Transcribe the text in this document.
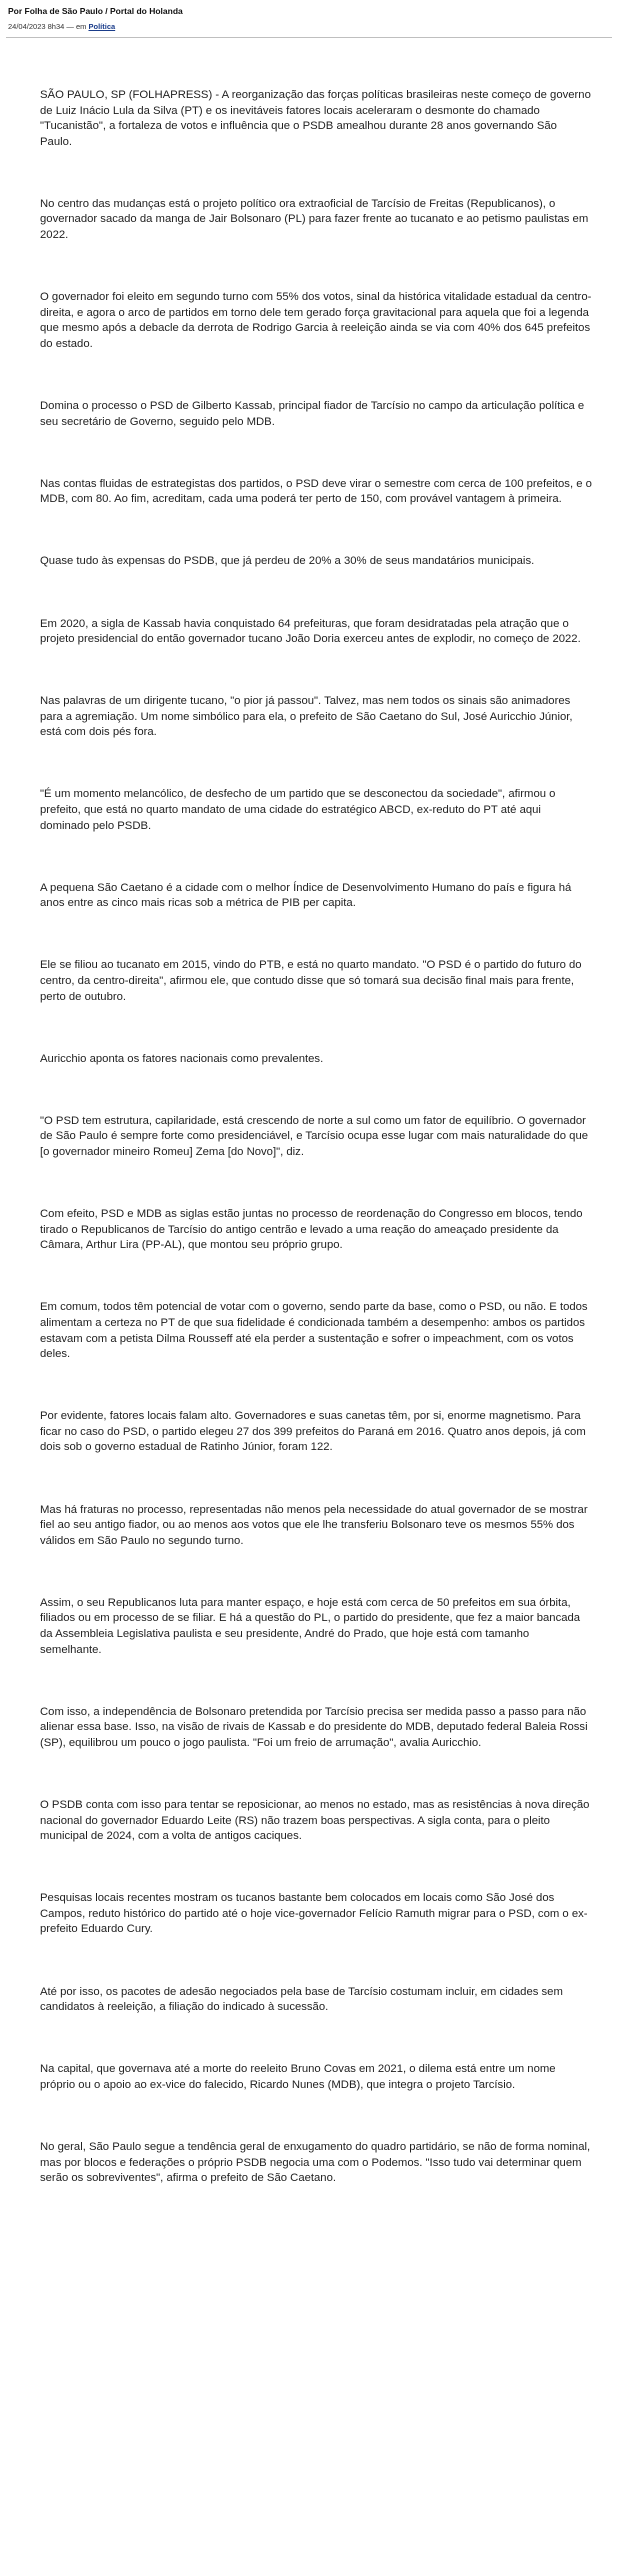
Por Folha de São Paulo / Portal do Holanda
24/04/2023 8h34 — em Política

SÃO PAULO, SP (FOLHAPRESS) - A reorganização das forças políticas brasileiras neste começo de governo de Luiz Inácio Lula da Silva (PT) e os inevitáveis fatores locais aceleraram o desmonte do chamado "Tucanistão", a fortaleza de votos e influência que o PSDB amealhou durante 28 anos governando São Paulo.

No centro das mudanças está o projeto político ora extraoficial de Tarcísio de Freitas (Republicanos), o governador sacado da manga de Jair Bolsonaro (PL) para fazer frente ao tucanato e ao petismo paulistas em 2022.

O governador foi eleito em segundo turno com 55% dos votos, sinal da histórica vitalidade estadual da centro-direita, e agora o arco de partidos em torno dele tem gerado força gravitacional para aquela que foi a legenda que mesmo após a debacle da derrota de Rodrigo Garcia à reeleição ainda se via com 40% dos 645 prefeitos do estado.

Domina o processo o PSD de Gilberto Kassab, principal fiador de Tarcísio no campo da articulação política e seu secretário de Governo, seguido pelo MDB.

Nas contas fluidas de estrategistas dos partidos, o PSD deve virar o semestre com cerca de 100 prefeitos, e o MDB, com 80. Ao fim, acreditam, cada uma poderá ter perto de 150, com provável vantagem à primeira.

Quase tudo às expensas do PSDB, que já perdeu de 20% a 30% de seus mandatários municipais.

Em 2020, a sigla de Kassab havia conquistado 64 prefeituras, que foram desidratadas pela atração que o projeto presidencial do então governador tucano João Doria exerceu antes de explodir, no começo de 2022.

Nas palavras de um dirigente tucano, "o pior já passou". Talvez, mas nem todos os sinais são animadores para a agremiação. Um nome simbólico para ela, o prefeito de São Caetano do Sul, José Auricchio Júnior, está com dois pés fora.

"É um momento melancólico, de desfecho de um partido que se desconectou da sociedade", afirmou o prefeito, que está no quarto mandato de uma cidade do estratégico ABCD, ex-reduto do PT até aqui dominado pelo PSDB.

A pequena São Caetano é a cidade com o melhor Índice de Desenvolvimento Humano do país e figura há anos entre as cinco mais ricas sob a métrica de PIB per capita.

Ele se filiou ao tucanato em 2015, vindo do PTB, e está no quarto mandato. "O PSD é o partido do futuro do centro, da centro-direita", afirmou ele, que contudo disse que só tomará sua decisão final mais para frente, perto de outubro.

Auricchio aponta os fatores nacionais como prevalentes.

"O PSD tem estrutura, capilaridade, está crescendo de norte a sul como um fator de equilíbrio. O governador de São Paulo é sempre forte como presidenciável, e Tarcísio ocupa esse lugar com mais naturalidade do que [o governador mineiro Romeu] Zema [do Novo]", diz.

Com efeito, PSD e MDB as siglas estão juntas no processo de reordenação do Congresso em blocos, tendo tirado o Republicanos de Tarcísio do antigo centrão e levado a uma reação do ameaçado presidente da Câmara, Arthur Lira (PP-AL), que montou seu próprio grupo.

Em comum, todos têm potencial de votar com o governo, sendo parte da base, como o PSD, ou não. E todos alimentam a certeza no PT de que sua fidelidade é condicionada também a desempenho: ambos os partidos estavam com a petista Dilma Rousseff até ela perder a sustentação e sofrer o impeachment, com os votos deles.

Por evidente, fatores locais falam alto. Governadores e suas canetas têm, por si, enorme magnetismo. Para ficar no caso do PSD, o partido elegeu 27 dos 399 prefeitos do Paraná em 2016. Quatro anos depois, já com dois sob o governo estadual de Ratinho Júnior, foram 122.

Mas há fraturas no processo, representadas não menos pela necessidade do atual governador de se mostrar fiel ao seu antigo fiador, ou ao menos aos votos que ele lhe transferiu Bolsonaro teve os mesmos 55% dos válidos em São Paulo no segundo turno.

Assim, o seu Republicanos luta para manter espaço, e hoje está com cerca de 50 prefeitos em sua órbita, filiados ou em processo de se filiar. E há a questão do PL, o partido do presidente, que fez a maior bancada da Assembleia Legislativa paulista e seu presidente, André do Prado, que hoje está com tamanho semelhante.

Com isso, a independência de Bolsonaro pretendida por Tarcísio precisa ser medida passo a passo para não alienar essa base. Isso, na visão de rivais de Kassab e do presidente do MDB, deputado federal Baleia Rossi (SP), equilibrou um pouco o jogo paulista. "Foi um freio de arrumação", avalia Auricchio.

O PSDB conta com isso para tentar se reposicionar, ao menos no estado, mas as resistências à nova direção nacional do governador Eduardo Leite (RS) não trazem boas perspectivas. A sigla conta, para o pleito municipal de 2024, com a volta de antigos caciques.

Pesquisas locais recentes mostram os tucanos bastante bem colocados em locais como São José dos Campos, reduto histórico do partido até o hoje vice-governador Felício Ramuth migrar para o PSD, com o ex-prefeito Eduardo Cury.

Até por isso, os pacotes de adesão negociados pela base de Tarcísio costumam incluir, em cidades sem candidatos à reeleição, a filiação do indicado à sucessão.

Na capital, que governava até a morte do reeleito Bruno Covas em 2021, o dilema está entre um nome próprio ou o apoio ao ex-vice do falecido, Ricardo Nunes (MDB), que integra o projeto Tarcísio.

No geral, São Paulo segue a tendência geral de enxugamento do quadro partidário, se não de forma nominal, mas por blocos e federações o próprio PSDB negocia uma com o Podemos. "Isso tudo vai determinar quem serão os sobreviventes", afirma o prefeito de São Caetano.
